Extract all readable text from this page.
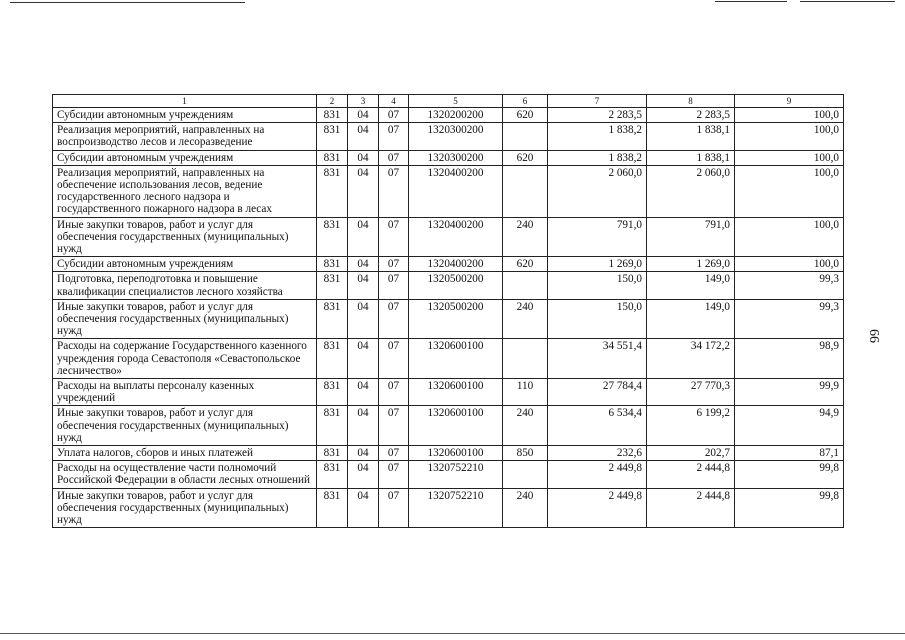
1	2	3	4	5	6	7	8	9
Субсидии автономным учреждениям	831	04	07	1320200200	620	2 283,5	2 283,5	100,0
Реализация мероприятий, направленных на воспроизводство лесов и лесоразведение	831	04	07	1320300200		1 838,2	1 838,1	100,0
Субсидии автономным учреждениям	831	04	07	1320300200	620	1 838,2	1 838,1	100,0
Реализация мероприятий, направленных на обеспечение использования лесов, ведение государственного лесного надзора и государственного пожарного надзора в лесах	831	04	07	1320400200		2 060,0	2 060,0	100,0
Иные закупки товаров, работ и услуг для обеспечения государственных (муниципальных) нужд	831	04	07	1320400200	240	791,0	791,0	100,0
Субсидии автономным учреждениям	831	04	07	1320400200	620	1 269,0	1 269,0	100,0
Подготовка, переподготовка и повышение квалификации специалистов лесного хозяйства	831	04	07	1320500200		150,0	149,0	99,3
Иные закупки товаров, работ и услуг для обеспечения государственных (муниципальных) нужд	831	04	07	1320500200	240	150,0	149,0	99,3
Расходы на содержание Государственного казенного учреждения города Севастополя «Севастопольское лесничество»	831	04	07	1320600100		34 551,4	34 172,2	98,9
Расходы на выплаты персоналу казенных учреждений	831	04	07	1320600100	110	27 784,4	27 770,3	99,9
Иные закупки товаров, работ и услуг для обеспечения государственных (муниципальных) нужд	831	04	07	1320600100	240	6 534,4	6 199,2	94,9
Уплата налогов, сборов и иных платежей	831	04	07	1320600100	850	232,6	202,7	87,1
Расходы на осуществление части полномочий Российской Федерации в области лесных отношений	831	04	07	1320752210		2 449,8	2 444,8	99,8
Иные закупки товаров, работ и услуг для обеспечения государственных (муниципальных) нужд	831	04	07	1320752210	240	2 449,8	2 444,8	99,8
66
